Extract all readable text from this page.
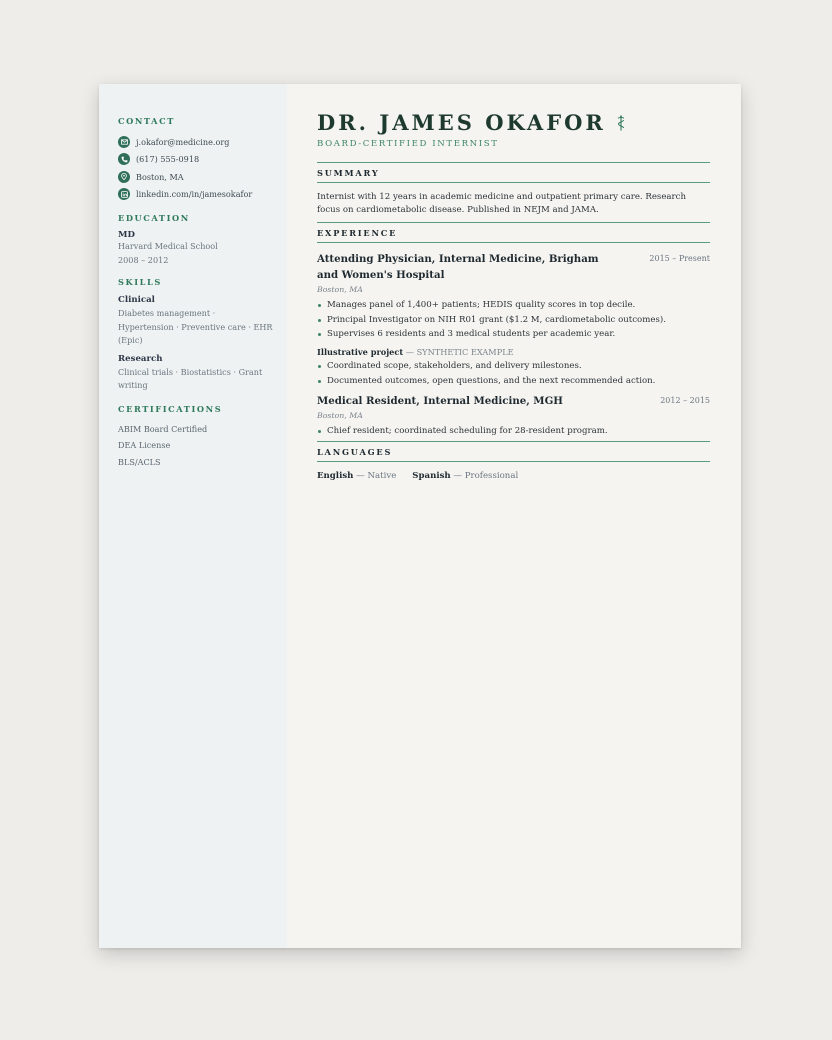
CONTACT
j.okafor@medicine.org
(617) 555-0918
Boston, MA
linkedin.com/in/jamesokafor
EDUCATION
MD
Harvard Medical School
2008 – 2012
SKILLS
Clinical
Diabetes management · Hypertension · Preventive care · EHR (Epic)
Research
Clinical trials · Biostatistics · Grant writing
CERTIFICATIONS
ABIM Board Certified
DEA License
BLS/ACLS
DR. JAMES OKAFOR
BOARD-CERTIFIED INTERNIST
SUMMARY
Internist with 12 years in academic medicine and outpatient primary care. Research focus on cardiometabolic disease. Published in NEJM and JAMA.
EXPERIENCE
Attending Physician, Internal Medicine, Brigham and Women's Hospital
2015 – Present
Boston, MA
Manages panel of 1,400+ patients; HEDIS quality scores in top decile.
Principal Investigator on NIH R01 grant ($1.2 M, cardiometabolic outcomes).
Supervises 6 residents and 3 medical students per academic year.
Illustrative project — SYNTHETIC EXAMPLE
Coordinated scope, stakeholders, and delivery milestones.
Documented outcomes, open questions, and the next recommended action.
Medical Resident, Internal Medicine, MGH	2012 – 2015
Boston, MA
Chief resident; coordinated scheduling for 28-resident program.
LANGUAGES
English — Native Spanish — Professional
